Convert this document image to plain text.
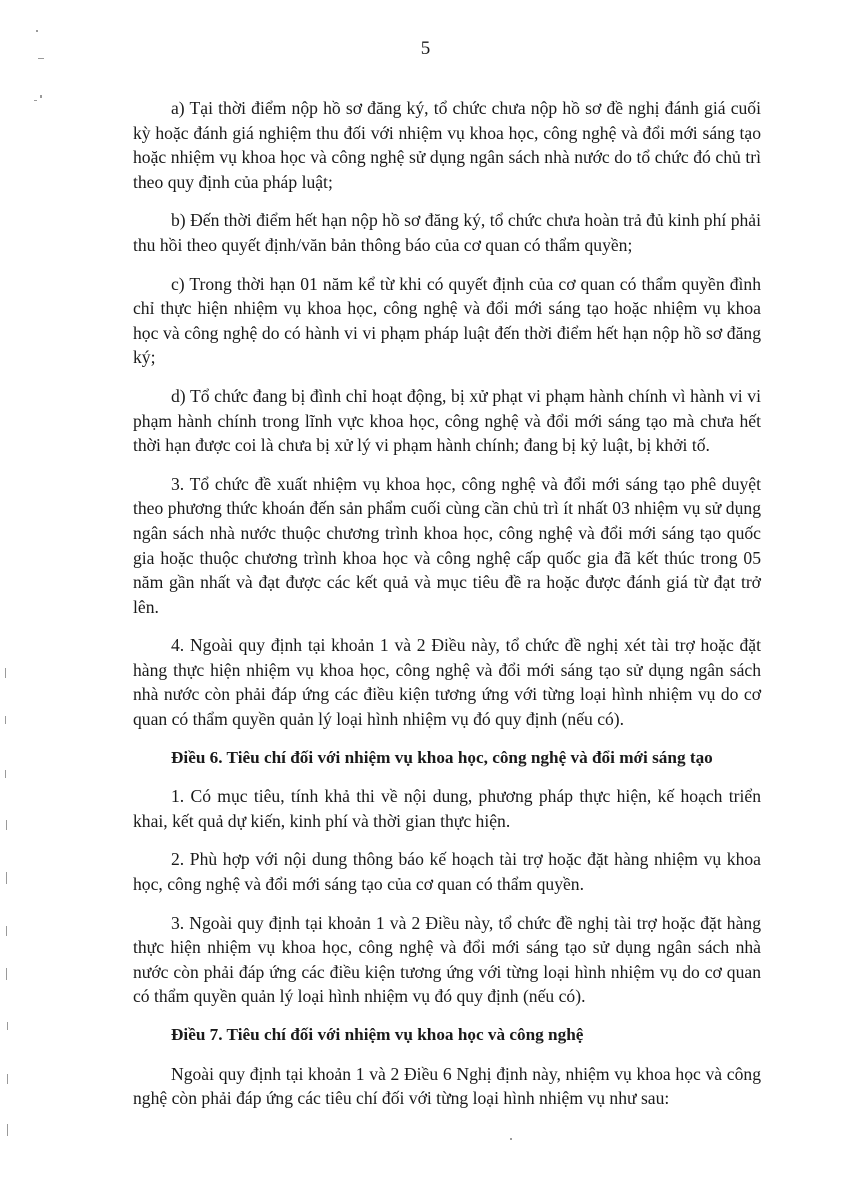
5

a) Tại thời điểm nộp hồ sơ đăng ký, tổ chức chưa nộp hồ sơ đề nghị đánh giá cuối kỳ hoặc đánh giá nghiệm thu đối với nhiệm vụ khoa học, công nghệ và đổi mới sáng tạo hoặc nhiệm vụ khoa học và công nghệ sử dụng ngân sách nhà nước do tổ chức đó chủ trì theo quy định của pháp luật;

b) Đến thời điểm hết hạn nộp hồ sơ đăng ký, tổ chức chưa hoàn trả đủ kinh phí phải thu hồi theo quyết định/văn bản thông báo của cơ quan có thẩm quyền;

c) Trong thời hạn 01 năm kể từ khi có quyết định của cơ quan có thẩm quyền đình chỉ thực hiện nhiệm vụ khoa học, công nghệ và đổi mới sáng tạo hoặc nhiệm vụ khoa học và công nghệ do có hành vi vi phạm pháp luật đến thời điểm hết hạn nộp hồ sơ đăng ký;

d) Tổ chức đang bị đình chỉ hoạt động, bị xử phạt vi phạm hành chính vì hành vi vi phạm hành chính trong lĩnh vực khoa học, công nghệ và đổi mới sáng tạo mà chưa hết thời hạn được coi là chưa bị xử lý vi phạm hành chính; đang bị kỷ luật, bị khởi tố.

3. Tổ chức đề xuất nhiệm vụ khoa học, công nghệ và đổi mới sáng tạo phê duyệt theo phương thức khoán đến sản phẩm cuối cùng cần chủ trì ít nhất 03 nhiệm vụ sử dụng ngân sách nhà nước thuộc chương trình khoa học, công nghệ và đổi mới sáng tạo quốc gia hoặc thuộc chương trình khoa học và công nghệ cấp quốc gia đã kết thúc trong 05 năm gần nhất và đạt được các kết quả và mục tiêu đề ra hoặc được đánh giá từ đạt trở lên.

4. Ngoài quy định tại khoản 1 và 2 Điều này, tổ chức đề nghị xét tài trợ hoặc đặt hàng thực hiện nhiệm vụ khoa học, công nghệ và đổi mới sáng tạo sử dụng ngân sách nhà nước còn phải đáp ứng các điều kiện tương ứng với từng loại hình nhiệm vụ do cơ quan có thẩm quyền quản lý loại hình nhiệm vụ đó quy định (nếu có).

Điều 6. Tiêu chí đối với nhiệm vụ khoa học, công nghệ và đổi mới sáng tạo

1. Có mục tiêu, tính khả thi về nội dung, phương pháp thực hiện, kế hoạch triển khai, kết quả dự kiến, kinh phí và thời gian thực hiện.

2. Phù hợp với nội dung thông báo kế hoạch tài trợ hoặc đặt hàng nhiệm vụ khoa học, công nghệ và đổi mới sáng tạo của cơ quan có thẩm quyền.

3. Ngoài quy định tại khoản 1 và 2 Điều này, tổ chức đề nghị tài trợ hoặc đặt hàng thực hiện nhiệm vụ khoa học, công nghệ và đổi mới sáng tạo sử dụng ngân sách nhà nước còn phải đáp ứng các điều kiện tương ứng với từng loại hình nhiệm vụ do cơ quan có thẩm quyền quản lý loại hình nhiệm vụ đó quy định (nếu có).

Điều 7. Tiêu chí đối với nhiệm vụ khoa học và công nghệ

Ngoài quy định tại khoản 1 và 2 Điều 6 Nghị định này, nhiệm vụ khoa học và công nghệ còn phải đáp ứng các tiêu chí đối với từng loại hình nhiệm vụ như sau:
